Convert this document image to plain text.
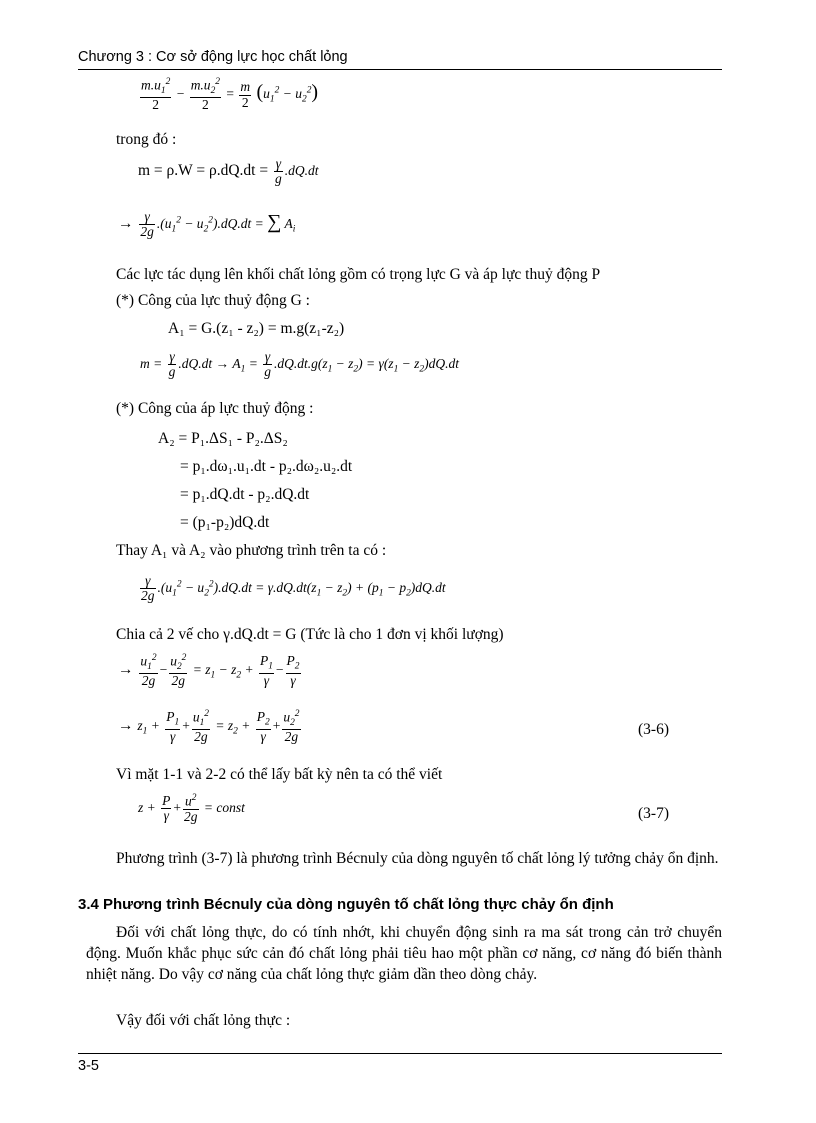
Chương 3 : Cơ sở động lực học chất lỏng
$\frac{m.u_1^2}{2} - \frac{m.u_2^2}{2} = \frac{m}{2} (u_1^2 - u_2^2)$
trong đó :
$m = \rho.W = \rho.dQ.dt = \frac{\gamma}{g} .dQ.dt$
→ $\frac{\gamma}{2g} .(u_1^2 - u_2^2).dQ.dt$ = ∑ $A_i$
Các lực tác dụng lên khối chất lỏng gồm có trọng lực G và áp lực thuỷ động P
(*) Công của lực thuỷ động G :
A₁ = G.(z₁ - z₂) = m.g(z₁-z₂)
$m = \frac{\gamma}{g} .dQ.dt \to A_1 = \frac{\gamma}{g} .dQ.dt.g(z_1 - z_2) = \gamma(z_1 - z_2)dQ.dt$
(*) Công của áp lực thuỷ động :
A₂ = P₁.ΔS₁ - P₂.ΔS₂
= p₁.dω₁.u₁.dt - p₂.dω₂.u₂.dt
= p₁.dQ.dt - p₂.dQ.dt
= (p₁-p₂)dQ.dt
Thay A₁ và A₂ vào phương trình trên ta có :
$\frac{\gamma}{2g} .(u_1^2 - u_2^2).dQ.dt = \gamma.dQ.dt(z_1 - z_2) + (p_1 - p_2)dQ.dt$
Chia cả 2 vế cho γ.dQ.dt = G (Tức là cho 1 đơn vị khối lượng)
→ $\frac{u_1^2}{2g} - \frac{u_2^2}{2g} = z_1 - z_2 + \frac{P_1}{\gamma} - \frac{P_2}{\gamma}$
→ $z_1 + \frac{P_1}{\gamma} + \frac{u_1^2}{2g} = z_2 + \frac{P_2}{\gamma} + \frac{u_2^2}{2g}$	(3-6)
Vì mặt 1-1 và 2-2 có thể lấy bất kỳ nên ta có thể viết
$z + \frac{P}{\gamma} + \frac{u^2}{2g}$ = const	(3-7)
Phương trình (3-7) là phương trình Bécnuly của dòng nguyên tố chất lỏng lý tưởng chảy ổn định.
3.4 Phương trình Bécnuly của dòng nguyên tố chất lỏng thực chảy ổn định
Đối với chất lỏng thực, do có tính nhớt, khi chuyển động sinh ra ma sát trong cản trở chuyển động. Muốn khắc phục sức cản đó chất lỏng phải tiêu hao một phần cơ năng, cơ năng đó biến thành nhiệt năng. Do vậy cơ năng của chất lỏng thực giảm dần theo dòng chảy.
Vậy đối với chất lỏng thực :
3-5
